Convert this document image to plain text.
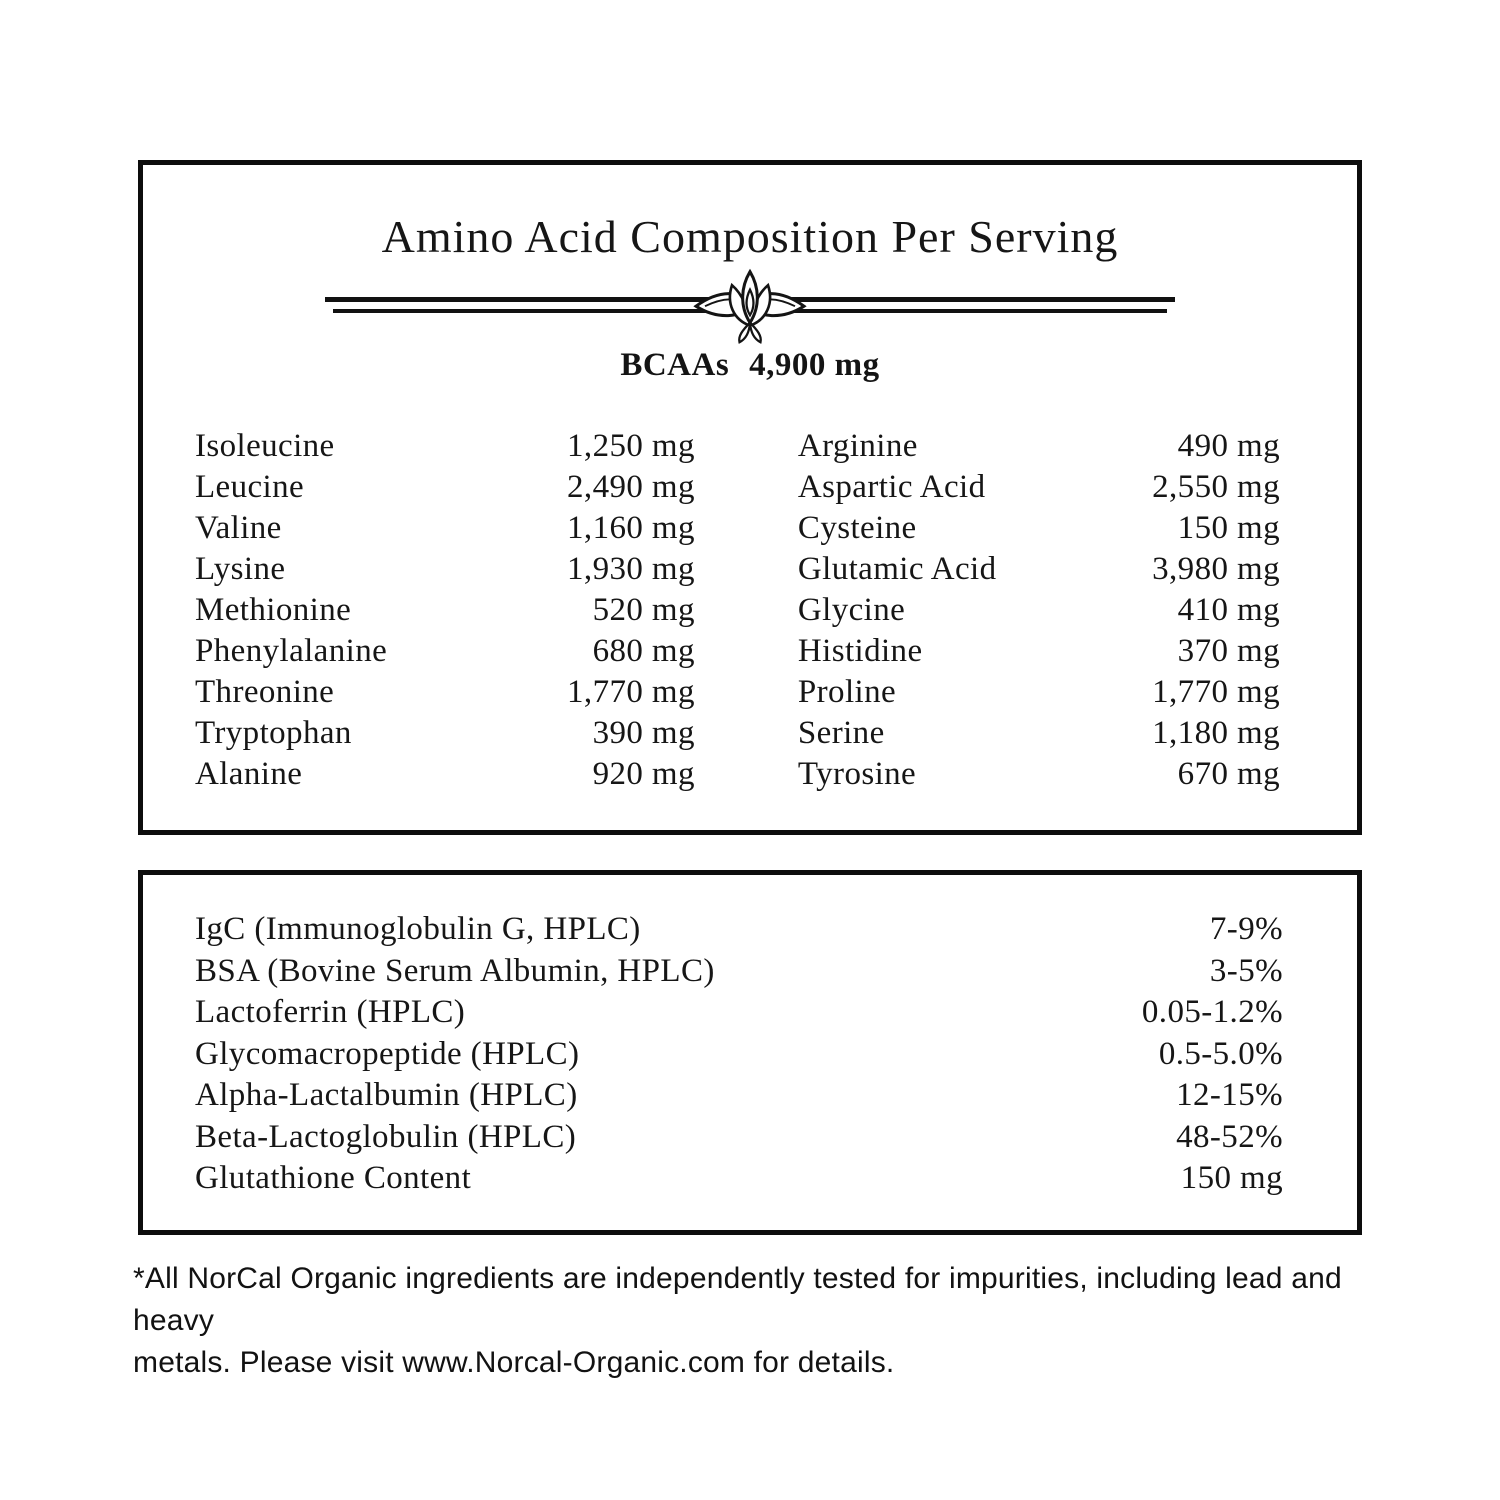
Amino Acid Composition Per Serving
BCAAs 4,900 mg
Isoleucine	1,250 mg
Leucine	2,490 mg
Valine	1,160 mg
Lysine	1,930 mg
Methionine	520 mg
Phenylalanine	680 mg
Threonine	1,770 mg
Tryptophan	390 mg
Alanine	920 mg
Arginine	490 mg
Aspartic Acid	2,550 mg
Cysteine	150 mg
Glutamic Acid	3,980 mg
Glycine	410 mg
Histidine	370 mg
Proline	1,770 mg
Serine	1,180 mg
Tyrosine	670 mg
IgC (Immunoglobulin G, HPLC)	7-9%
BSA (Bovine Serum Albumin, HPLC)	3-5%
Lactoferrin (HPLC)	0.05-1.2%
Glycomacropeptide (HPLC)	0.5-5.0%
Alpha-Lactalbumin (HPLC)	12-15%
Beta-Lactoglobulin (HPLC)	48-52%
Glutathione Content	150 mg
*All NorCal Organic ingredients are independently tested for impurities, including lead and heavy
metals. Please visit www.Norcal-Organic.com for details.
